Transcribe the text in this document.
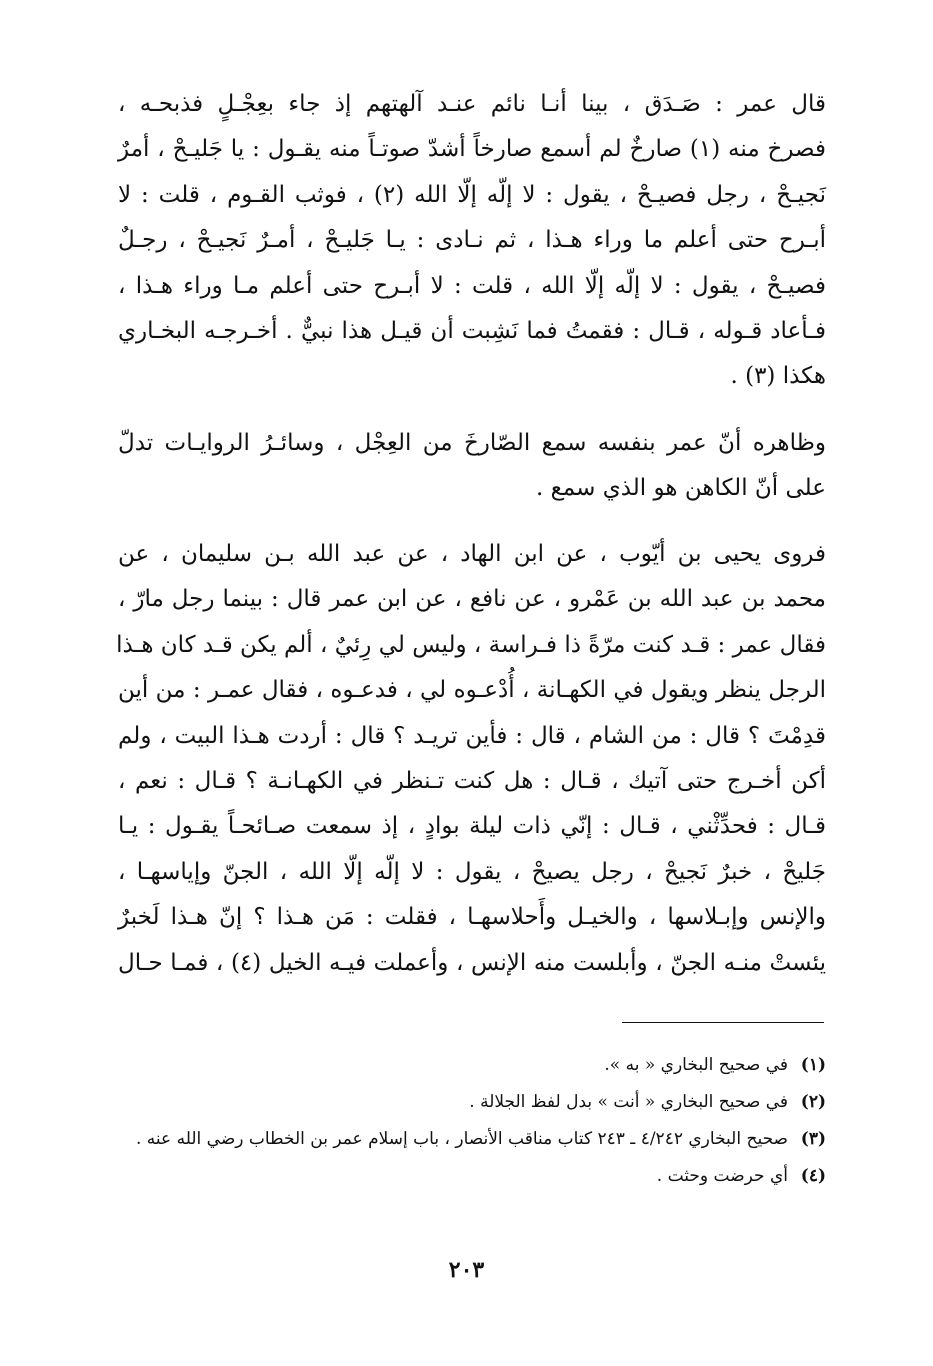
قال عمر : صَـدَق ، بينا أنـا نائم عنـد آلهتهم إذ جاء بعِجْـلٍ فذبحـه ،
فصرخ منه (١) صارخٌ لم أسمع صارخاً أشدّ صوتـاً منه يقـول : يا جَليـحْ ، أمرٌ
نَجيـحْ ، رجل فصيـحْ ، يقول : لا إلّه إلّا الله (٢) ، فوثب القـوم ، قلت : لا
أبـرح حتى أعلم ما وراء هـذا ، ثم نـادى : يـا جَليـحْ ، أمـرٌ نَجيـحْ ، رجـلٌ
فصيـحْ ، يقول : لا إلّه إلّا الله ، قلت : لا أبـرح حتى أعلم مـا وراء هـذا ،
فـأعاد قـوله ، قـال : فقمتُ فما نَشِبت أن قيـل هذا نبيٌّ . أخـرجـه البخـاري
هكذا (٣) .

وظاهره أنّ عمر بنفسه سمع الصّارخَ من العِجْل ، وسائـرُ الروايـات تدلّ
على أنّ الكاهن هو الذي سمع .

فروى يحيى بن أيّوب ، عن ابن الهاد ، عن عبد الله بـن سليمان ، عن
محمد بن عبد الله بن عَمْرو ، عن نافع ، عن ابن عمر قال : بينما رجل مارّ ،
فقال عمر : قـد كنت مرّةً ذا فـراسة ، وليس لي رِئيٌ ، ألم يكن قـد كان هـذا
الرجل ينظر ويقول في الكهـانة ، أُدْعـوه لي ، فدعـوه ، فقال عمـر : من أين
قدِمْتَ ؟ قال : من الشام ، قال : فأين تريـد ؟ قال : أردت هـذا البيت ، ولم
أكن أخـرج حتى آتيك ، قـال : هل كنت تـنظر في الكهـانـة ؟ قـال : نعم ،
قـال : فحدِّثْني ، قـال : إنّي ذات ليلة بوادٍ ، إذ سمعت صـائحـاً يقـول : يـا
جَليحْ ، خبرٌ نَجيحْ ، رجل يصيحْ ، يقول : لا إلّه إلّا الله ، الجنّ وإياسهـا ،
والإنس وإبـلاسها ، والخيـل وأَحلاسهـا ، فقلت : مَن هـذا ؟ إنّ هـذا لَخبرٌ
يئستْ منـه الجنّ ، وأبلست منه الإنس ، وأعملت فيـه الخيل (٤) ، فمـا حـال

(١)
في صحيح البخاري « به ».
(٢)
في صحيح البخاري « أنت » بدل لفظ الجلالة .
(٣)
صحيح البخاري ٤/٢٤٢ ـ ٢٤٣ كتاب مناقب الأنصار ، باب إسلام عمر بن الخطاب رضي الله عنه .
(٤)
أي حرضت وحثت .
٢٠٣
